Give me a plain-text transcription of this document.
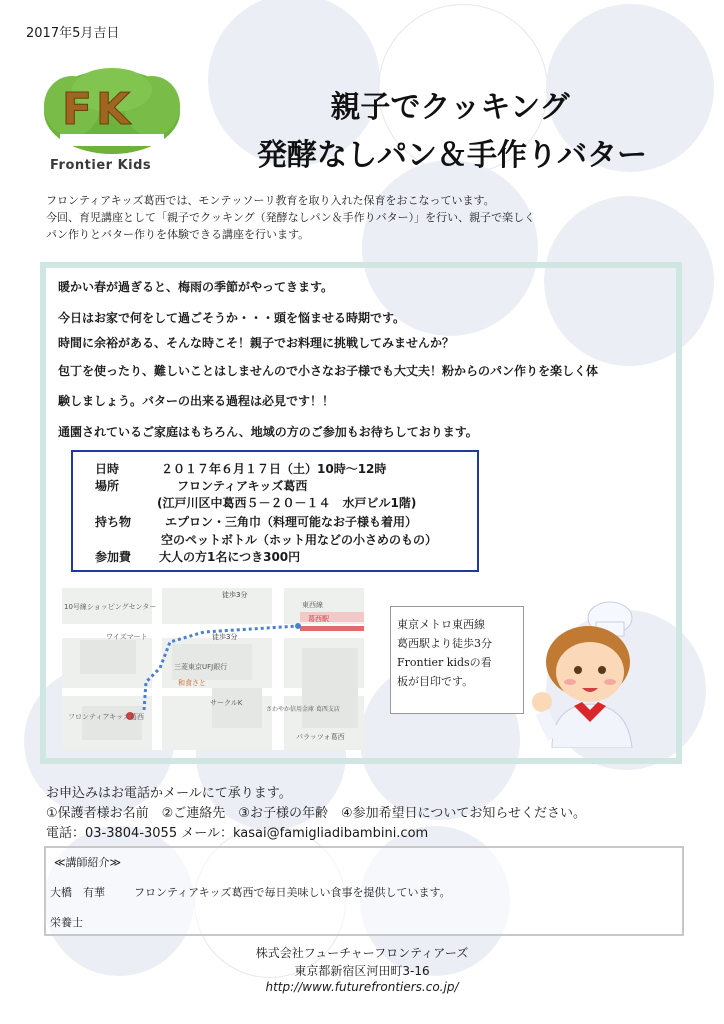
2017年5月吉日
FK
Frontier Kids
親子でクッキング
発酵なしパン＆手作りバター
フロンティアキッズ葛西では、モンテッソーリ教育を取り入れた保育をおこなっています。
今回、育児講座として「親子でクッキング（発酵なしパン＆手作りバター）」を行い、親子で楽しく
パン作りとバター作りを体験できる講座を行います。
暖かい春が過ぎると、梅雨の季節がやってきます。
今日はお家で何をして過ごそうか・・・頭を悩ませる時期です。
時間に余裕がある、そんな時こそ！親子でお料理に挑戦してみませんか？
包丁を使ったり、難しいことはしませんので小さなお子様でも大丈夫！粉からのパン作りを楽しく体
験しましょう。バターの出来る過程は必見です！！
通園されているご家庭はもちろん、地域の方のご参加もお待ちしております。
日時	２０１７年６月１７日（土）10時～12時
場所	フロンティアキッズ葛西
(江戸川区中葛西５－２０－１４　水戸ビル1階)
持ち物	エプロン・三角巾（料理可能なお子様も着用）
空のペットボトル（ホット用などの小さめのもの）
参加費 大人の方1名につき300円
10号線ショッピングセンター
ワイズマート
三菱東京UFJ銀行
フロンティアキッズ葛西
和食さと
パラッツォ葛西
サークルK
東西線
葛西駅
さわやか信用金庫 葛西支店
徒歩3分
徒歩3分
東京メトロ東西線
葛西駅より徒歩3分
Frontier kidsの看
板が目印です。
お申込みはお電話かメールにて承ります。
①保護者様お名前　②ご連絡先　③お子様の年齢　④参加希望日についてお知らせください。
電話：03-3804-3055 メール：kasai@famigliadibambini.com
≪講師紹介≫
大橋　有華	フロンティアキッズ葛西で毎日美味しい食事を提供しています。
栄養士
株式会社フューチャーフロンティアーズ
東京都新宿区河田町3-16
http://www.futurefrontiers.co.jp/
